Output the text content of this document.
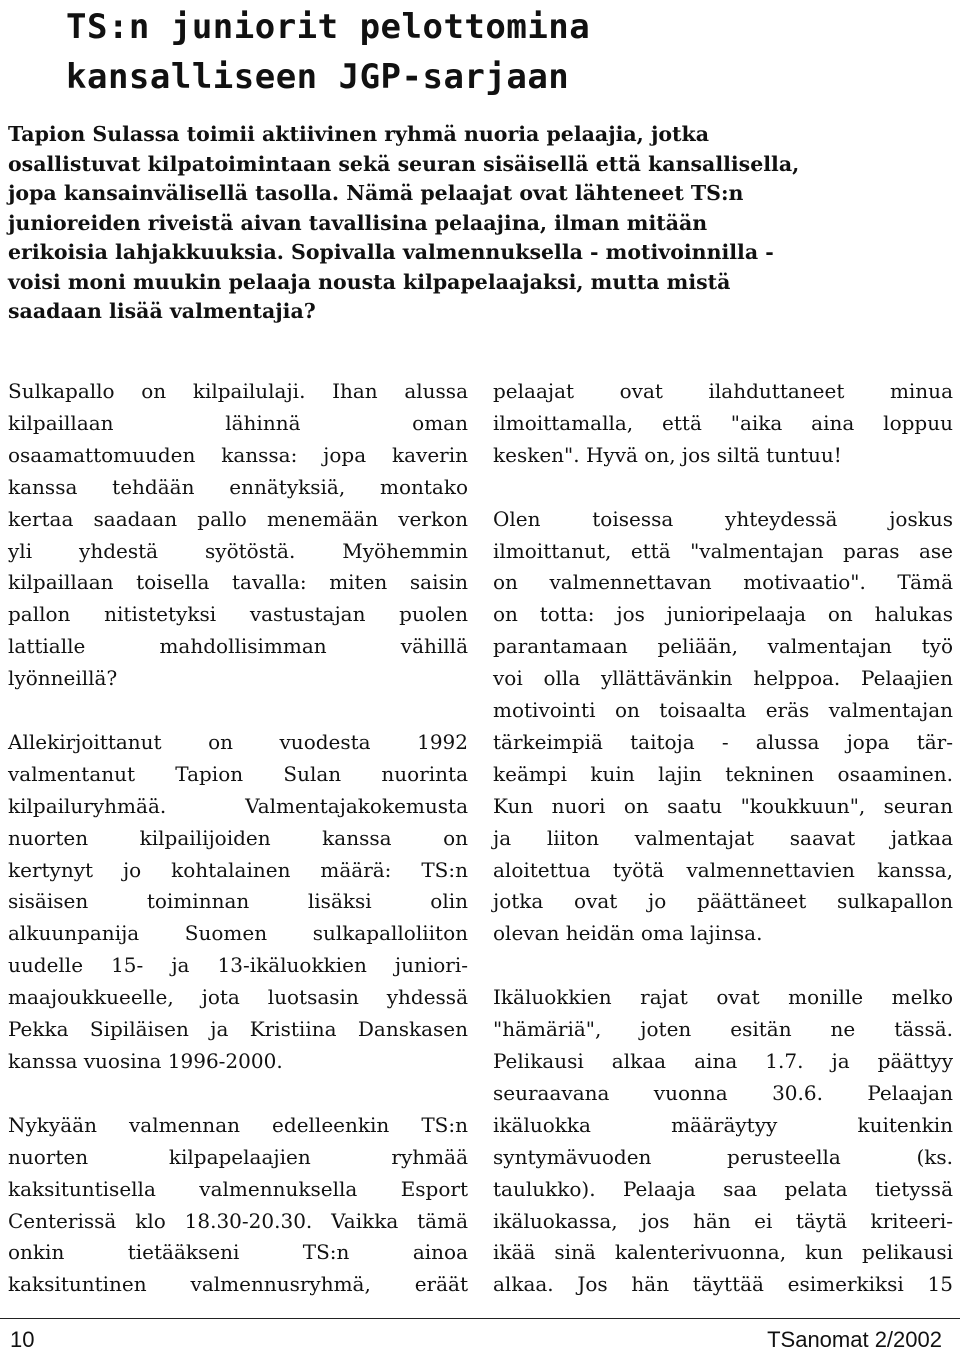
TS:n juniorit pelottomina
kansalliseen JGP-sarjaan
Tapion Sulassa toimii aktiivinen ryhmä nuoria pelaajia, jotka
osallistuvat kilpatoimintaan sekä seuran sisäisellä että kansallisella,
jopa kansainvälisellä tasolla. Nämä pelaajat ovat lähteneet TS:n
junioreiden riveistä aivan tavallisina pelaajina, ilman mitään
erikoisia lahjakkuuksia. Sopivalla valmennuksella - motivoinnilla -
voisi moni muukin pelaaja nousta kilpapelaajaksi, mutta mistä
saadaan lisää valmentajia?
Sulkapallo on kilpailulaji. Ihan alussa
kilpaillaan lähinnä oman
osaamattomuuden kanssa: jopa kaverin
kanssa tehdään ennätyksiä, montako
kertaa saadaan pallo menemään verkon
yli yhdestä syötöstä. Myöhemmin
kilpaillaan toisella tavalla: miten saisin
pallon nitistetyksi vastustajan puolen
lattialle mahdollisimman vähillä
lyönneillä?
Allekirjoittanut on vuodesta 1992
valmentanut Tapion Sulan nuorinta
kilpailuryhmää. Valmentajakokemusta
nuorten kilpailijoiden kanssa on
kertynyt jo kohtalainen määrä: TS:n
sisäisen toiminnan lisäksi olin
alkuunpanija Suomen sulkapalloliiton
uudelle 15- ja 13-ikäluokkien juniori-
maajoukkueelle, jota luotsasin yhdessä
Pekka Sipiläisen ja Kristiina Danskasen
kanssa vuosina 1996-2000.
Nykyään valmennan edelleenkin TS:n
nuorten kilpapelaajien ryhmää
kaksituntisella valmennuksella Esport
Centerissä klo 18.30-20.30. Vaikka tämä
onkin tietääkseni TS:n ainoa
kaksituntinen valmennusryhmä, eräät
pelaajat ovat ilahduttaneet minua
ilmoittamalla, että "aika aina loppuu
kesken". Hyvä on, jos siltä tuntuu!
Olen toisessa yhteydessä joskus
ilmoittanut, että "valmentajan paras ase
on valmennettavan motivaatio". Tämä
on totta: jos junioripelaaja on halukas
parantamaan peliään, valmentajan työ
voi olla yllättävänkin helppoa. Pelaajien
motivointi on toisaalta eräs valmentajan
tärkeimpiä taitoja - alussa jopa tär-
keämpi kuin lajin tekninen osaaminen.
Kun nuori on saatu "koukkuun", seuran
ja liiton valmentajat saavat jatkaa
aloitettua työtä valmennettavien kanssa,
jotka ovat jo päättäneet sulkapallon
olevan heidän oma lajinsa.
Ikäluokkien rajat ovat monille melko
"hämäriä", joten esitän ne tässä.
Pelikausi alkaa aina 1.7. ja päättyy
seuraavana vuonna 30.6. Pelaajan
ikäluokka määräytyy kuitenkin
syntymävuoden perusteella (ks.
taulukko). Pelaaja saa pelata tietyssä
ikäluokassa, jos hän ei täytä kriteeri-
ikää sinä kalenterivuonna, kun pelikausi
alkaa. Jos hän täyttää esimerkiksi 15
10	TSanomat 2/2002
